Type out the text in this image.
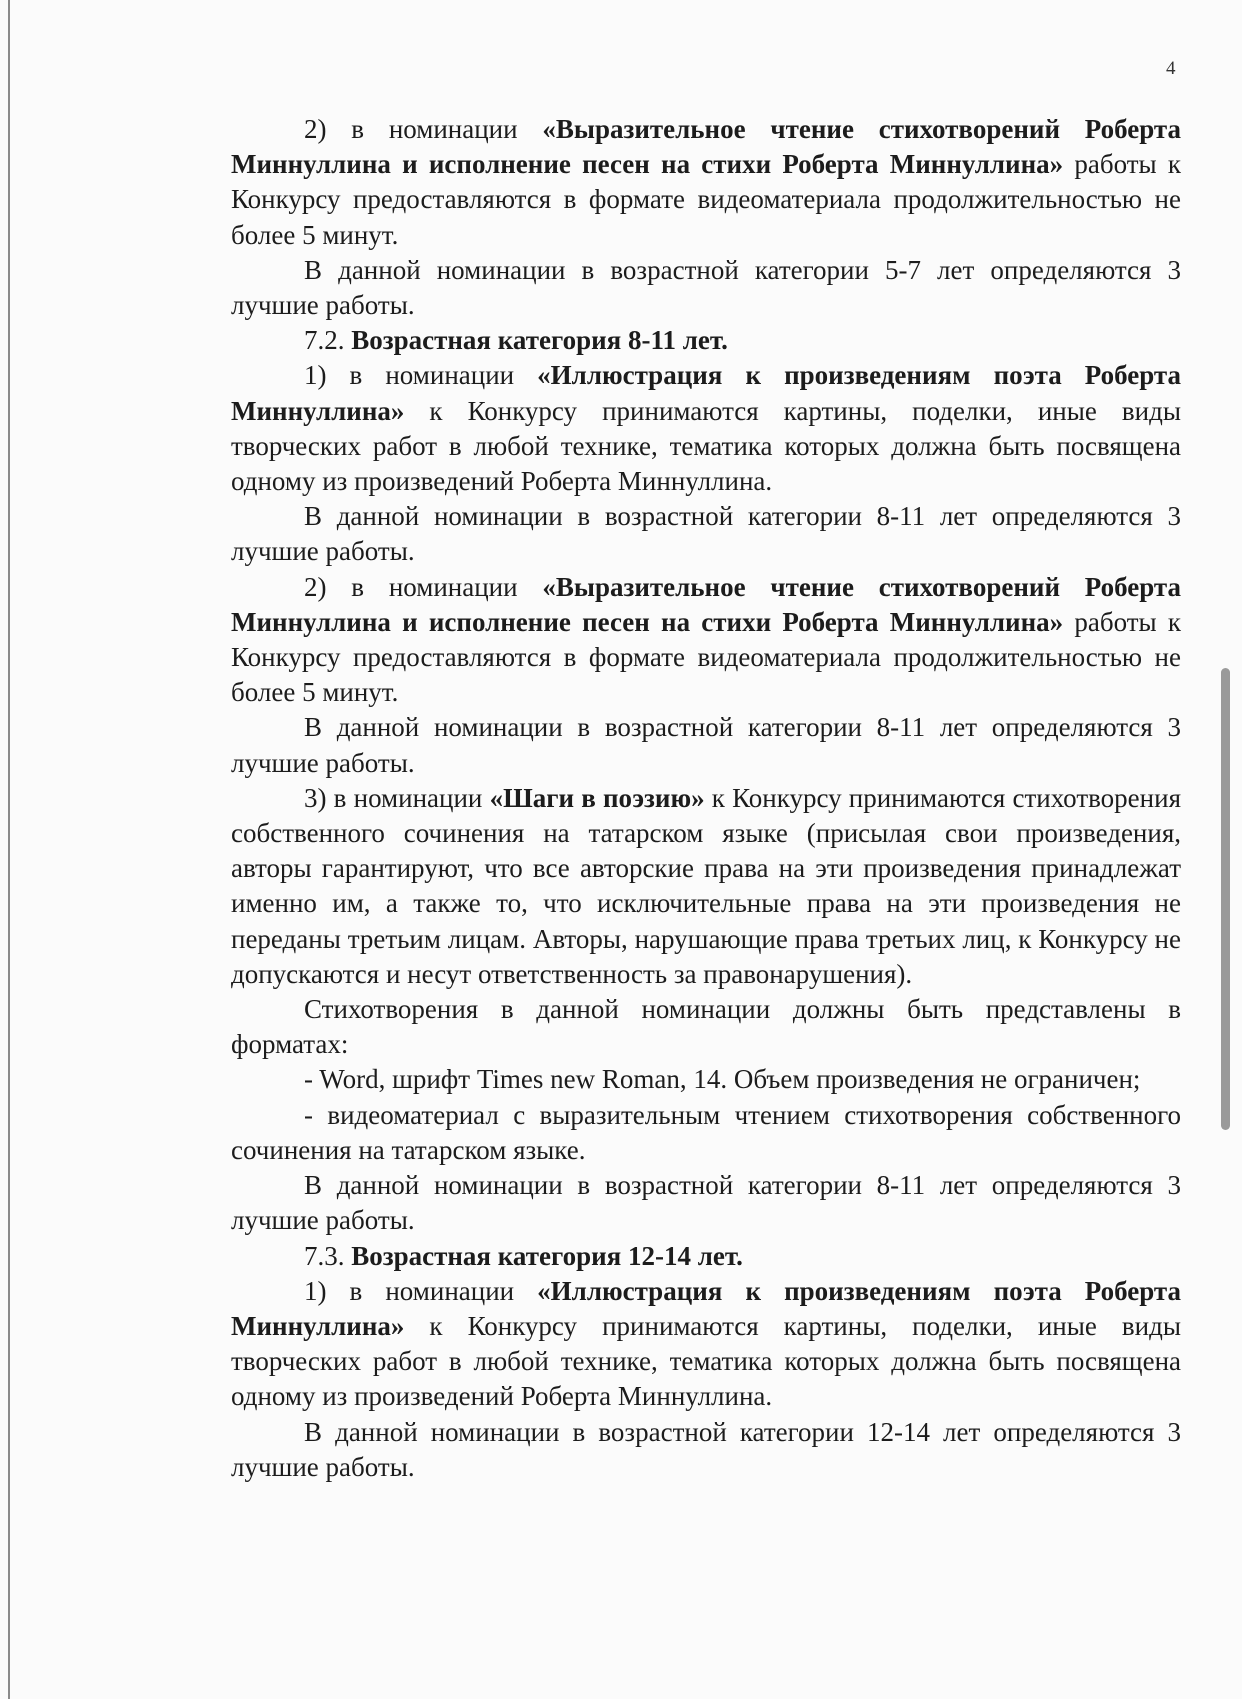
4

2) в номинации «Выразительное чтение стихотворений Роберта Миннуллина и исполнение песен на стихи Роберта Миннуллина» работы к Конкурсу предоставляются в формате видеоматериала продолжительностью не более 5 минут.

В данной номинации в возрастной категории 5-7 лет определяются 3 лучшие работы.

7.2. Возрастная категория 8-11 лет.

1) в номинации «Иллюстрация к произведениям поэта Роберта Миннуллина» к Конкурсу принимаются картины, поделки, иные виды творческих работ в любой технике, тематика которых должна быть посвящена одному из произведений Роберта Миннуллина.

В данной номинации в возрастной категории 8-11 лет определяются 3 лучшие работы.

2) в номинации «Выразительное чтение стихотворений Роберта Миннуллина и исполнение песен на стихи Роберта Миннуллина» работы к Конкурсу предоставляются в формате видеоматериала продолжительностью не более 5 минут.

В данной номинации в возрастной категории 8-11 лет определяются 3 лучшие работы.

3) в номинации «Шаги в поэзию» к Конкурсу принимаются стихотворения собственного сочинения на татарском языке (присылая свои произведения, авторы гарантируют, что все авторские права на эти произведения принадлежат именно им, а также то, что исключительные права на эти произведения не переданы третьим лицам. Авторы, нарушающие права третьих лиц, к Конкурсу не допускаются и несут ответственность за правонарушения).

Стихотворения в данной номинации должны быть представлены в форматах:

- Word, шрифт Times new Roman, 14. Объем произведения не ограничен;

- видеоматериал с выразительным чтением стихотворения собственного сочинения на татарском языке.

В данной номинации в возрастной категории 8-11 лет определяются 3 лучшие работы.

7.3. Возрастная категория 12-14 лет.

1) в номинации «Иллюстрация к произведениям поэта Роберта Миннуллина» к Конкурсу принимаются картины, поделки, иные виды творческих работ в любой технике, тематика которых должна быть посвящена одному из произведений Роберта Миннуллина.

В данной номинации в возрастной категории 12-14 лет определяются 3 лучшие работы.
